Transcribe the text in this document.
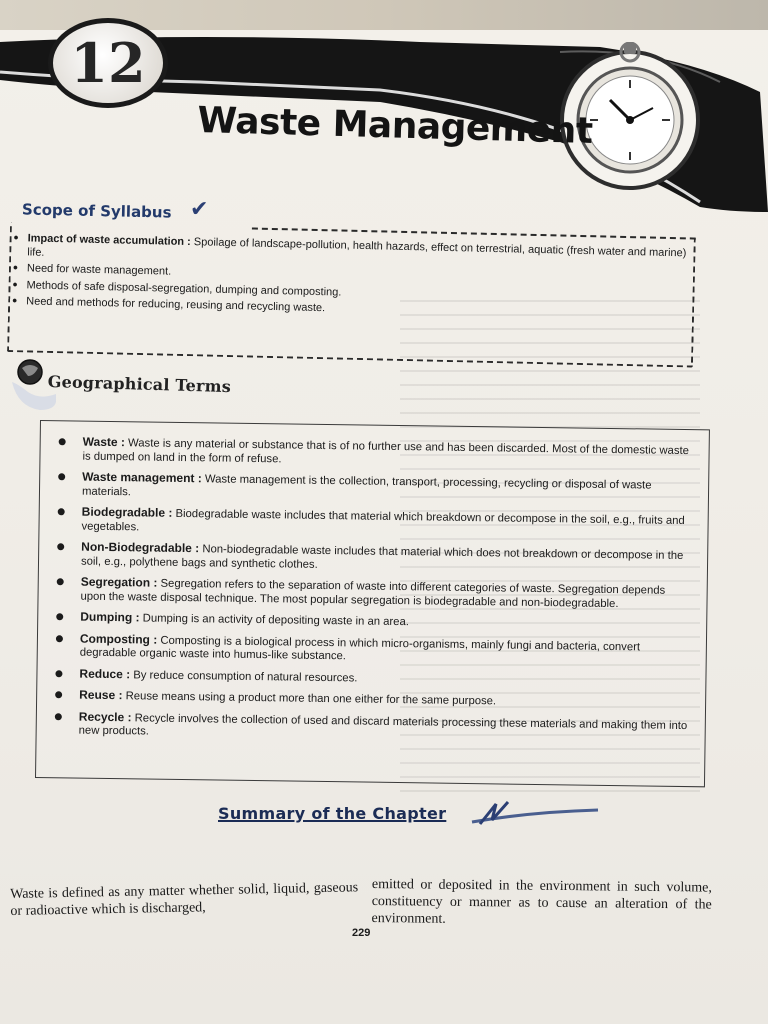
12
Waste Management
Scope of Syllabus ✔
• Impact of waste accumulation : Spoilage of landscape-pollution, health hazards, effect on terrestrial, aquatic (fresh water and marine) life.
• Need for waste management.
• Methods of safe disposal-segregation, dumping and composting.
• Need and methods for reducing, reusing and recycling waste.
Geographical Terms
Waste : Waste is any material or substance that is of no further use and has been discarded. Most of the domestic waste is dumped on land in the form of refuse.
Waste management : Waste management is the collection, transport, processing, recycling or disposal of waste materials.
Biodegradable : Biodegradable waste includes that material which breakdown or decompose in the soil, e.g., fruits and vegetables.
Non-Biodegradable : Non-biodegradable waste includes that material which does not breakdown or decompose in the soil, e.g., polythene bags and synthetic clothes.
Segregation : Segregation refers to the separation of waste into different categories of waste. Segregation depends upon the waste disposal technique. The most popular segregation is biodegradable and non-biodegradable.
Dumping : Dumping is an activity of depositing waste in an area.
Composting : Composting is a biological process in which micro-organisms, mainly fungi and bacteria, convert degradable organic waste into humus-like substance.
Reduce : By reduce consumption of natural resources.
Reuse : Reuse means using a product more than one either for the same purpose.
Recycle : Recycle involves the collection of used and discard materials processing these materials and making them into new products.
Summary of the Chapter

Waste is defined as any matter whether solid, liquid, gaseous or radioactive which is discharged,

emitted or deposited in the environment in such volume, constituency or manner as to cause an alteration of the environment.

229
